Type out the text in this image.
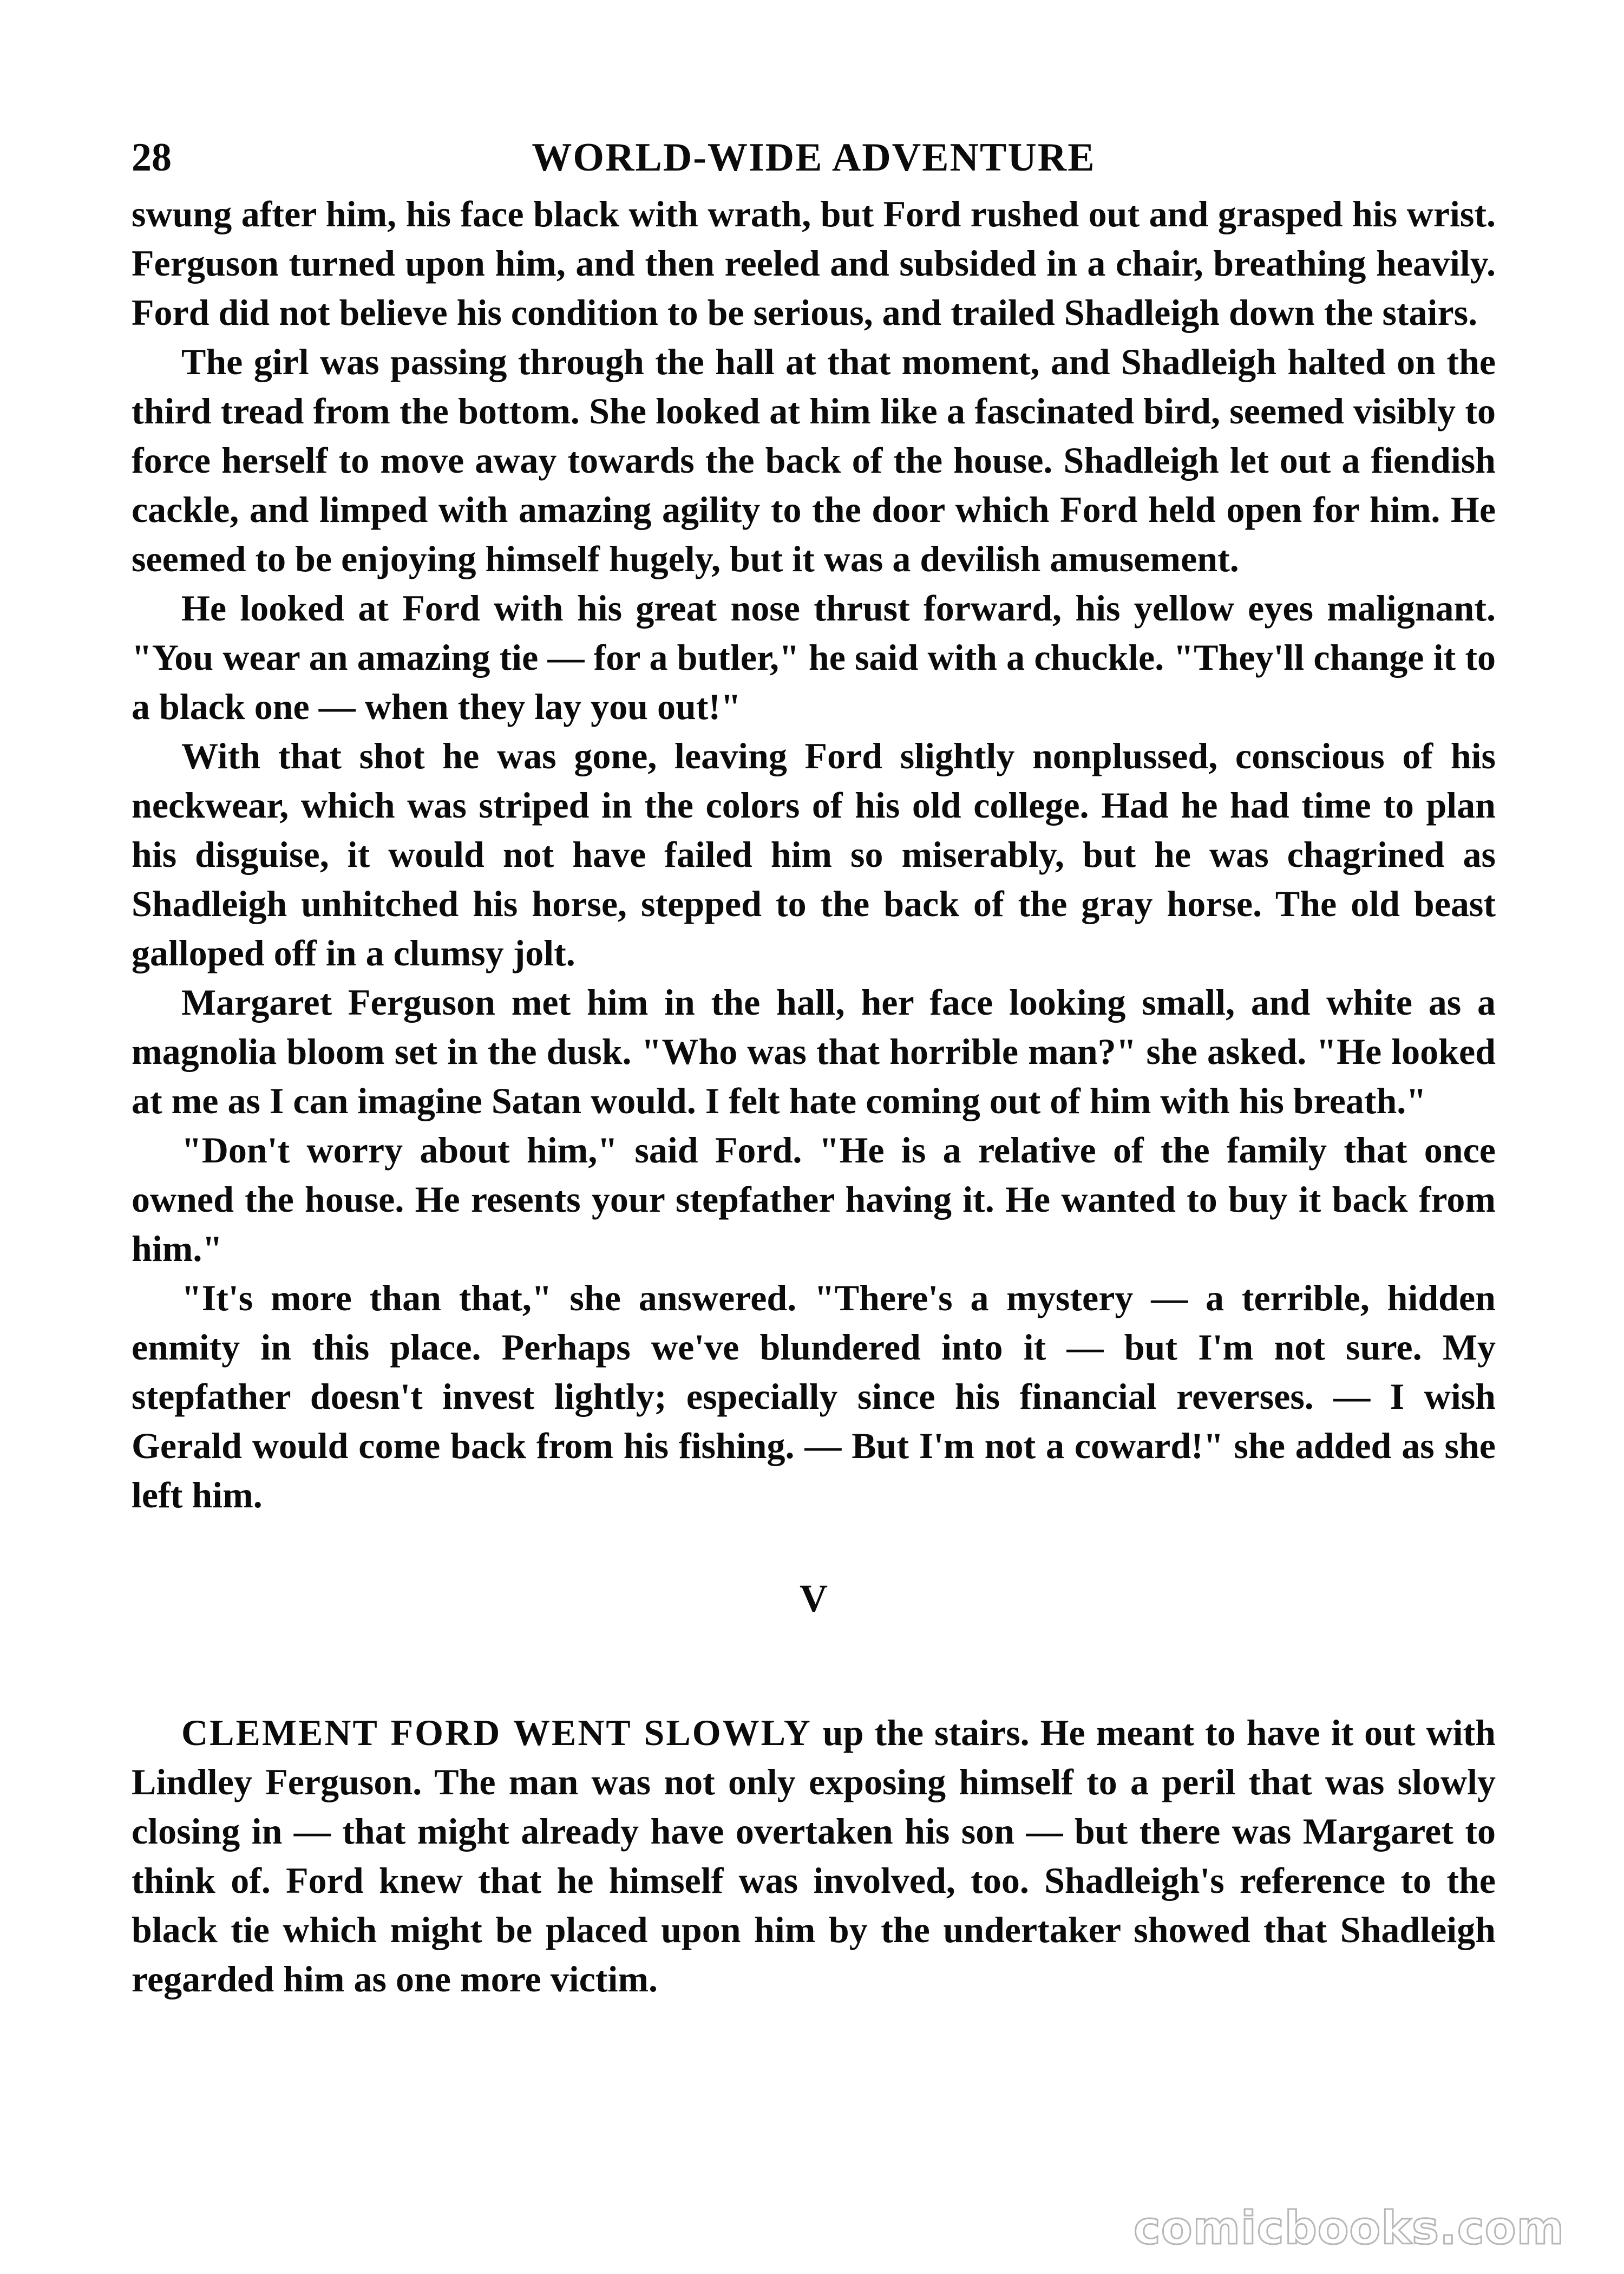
28	WORLD-WIDE ADVENTURE

swung after him, his face black with wrath, but Ford rushed out and grasped his wrist. Ferguson turned upon him, and then reeled and subsided in a chair, breathing heavily. Ford did not believe his condition to be serious, and trailed Shadleigh down the stairs.

The girl was passing through the hall at that moment, and Shadleigh halted on the third tread from the bottom. She looked at him like a fascinated bird, seemed visibly to force herself to move away towards the back of the house. Shadleigh let out a fiendish cackle, and limped with amazing agility to the door which Ford held open for him. He seemed to be enjoying himself hugely, but it was a devilish amusement.

He looked at Ford with his great nose thrust forward, his yellow eyes malignant. "You wear an amazing tie — for a butler," he said with a chuckle. "They'll change it to a black one — when they lay you out!"

With that shot he was gone, leaving Ford slightly nonplussed, conscious of his neckwear, which was striped in the colors of his old college. Had he had time to plan his disguise, it would not have failed him so miserably, but he was chagrined as Shadleigh unhitched his horse, stepped to the back of the gray horse. The old beast galloped off in a clumsy jolt.

Margaret Ferguson met him in the hall, her face looking small, and white as a magnolia bloom set in the dusk. "Who was that horrible man?" she asked. "He looked at me as I can imagine Satan would. I felt hate coming out of him with his breath."

"Don't worry about him," said Ford. "He is a relative of the family that once owned the house. He resents your stepfather having it. He wanted to buy it back from him."

"It's more than that," she answered. "There's a mystery — a terrible, hidden enmity in this place. Perhaps we've blundered into it — but I'm not sure. My stepfather doesn't invest lightly; especially since his financial reverses. — I wish Gerald would come back from his fishing. — But I'm not a coward!" she added as she left him.

V

CLEMENT FORD WENT SLOWLY up the stairs. He meant to have it out with Lindley Ferguson. The man was not only exposing himself to a peril that was slowly closing in — that might already have overtaken his son — but there was Margaret to think of. Ford knew that he himself was involved, too. Shadleigh's reference to the black tie which might be placed upon him by the undertaker showed that Shadleigh regarded him as one more victim.

comicbooks.com
